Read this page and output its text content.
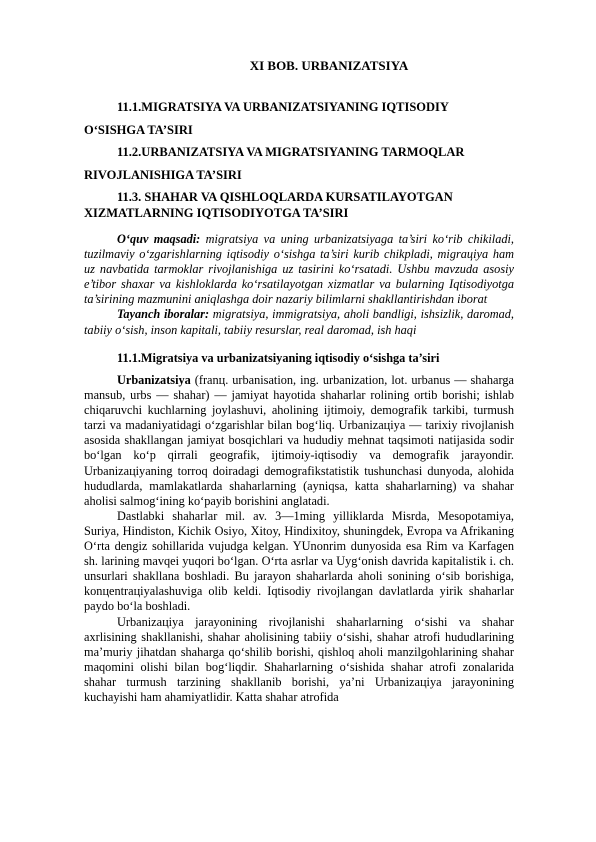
XI BOB. URBANIZATSIYA
11.1.MIGRATSIYA VA URBANIZATSIYANING IQTISODIY
O‘SISHGA TA’SIRI
11.2.URBANIZATSIYA VA MIGRATSIYANING TARMOQLAR
RIVOJLANISHIGA TA’SIRI
11.3. SHAHAR VA QISHLOQLARDA KURSATILAYOTGAN
XIZMATLARNING IQTISODIYOTGA TA’SIRI

O‘quv maqsadi: migratsiya va uning urbanizatsiyaga ta’siri ko‘rib chikiladi, tuzilmaviy o‘zgarishlarning iqtisodiy o‘sishga ta’siri kurib chikpladi, migraцiya ham uz navbatida tarmoklar rivojlanishiga uz tasirini ko‘rsatadi. Ushbu mavzuda asosiy e’tibor shaxar va kishloklarda ko‘rsatilayotgan xizmatlar va bularning Iqtisodiyotga ta’sirining mazmunini aniqlashga doir nazariy bilimlarni shakllantirishdan iborat

Tayanch iboralar: migratsiya, immigratsiya, aholi bandligi, ishsizlik, daromad, tabiiy o‘sish, inson kapitali, tabiiy resurslar, real daromad, ish haqi

11.1.Migratsiya va urbanizatsiyaning iqtisodiy o‘sishga ta’siri

Urbanizatsiya (franц. urbanisation, ing. urbanization, lot. urbanus — shaharga mansub, urbs — shahar) — jamiyat hayotida shaharlar rolining ortib borishi; ishlab chiqaruvchi kuchlarning joylashuvi, aholining ijtimoiy, demografik tarkibi, turmush tarzi va madaniyatidagi o‘zgarishlar bilan bog‘liq. Urbanizaцiya — tarixiy rivojlanish asosida shakllangan jamiyat bosqichlari va hududiy mehnat taqsimoti natijasida sodir bo‘lgan ko‘p qirrali geografik, ijtimoiy-iqtisodiy va demografik jarayondir. Urbanizaцiyaning torroq doiradagi demografikstatistik tushunchasi dunyoda, alohida hududlarda, mamlakatlarda shaharlarning (ayniqsa, katta shaharlarning) va shahar aholisi salmog‘ining ko‘payib borishini anglatadi.

Dastlabki shaharlar mil. av. 3—1ming yilliklarda Misrda, Mesopotamiya, Suriya, Hindiston, Kichik Osiyo, Xitoy, Hindixitoy, shuningdek, Evropa va Afrikaning O‘rta dengiz sohillarida vujudga kelgan. YUnonrim dunyosida esa Rim va Karfagen sh. larining mavqei yuqori bo‘lgan. O‘rta asrlar va Uyg‘onish davrida kapitalistik i. ch. unsurlari shakllana boshladi. Bu jarayon shaharlarda aholi sonining o‘sib borishiga, konцentraцiyalashuviga olib keldi. Iqtisodiy rivojlangan davlatlarda yirik shaharlar paydo bo‘la boshladi.

Urbanizaцiya jarayonining rivojlanishi shaharlarning o‘sishi va shahar axrlisining shakllanishi, shahar aholisining tabiiy o‘sishi, shahar atrofi hududlarining ma’muriy jihatdan shaharga qo‘shilib borishi, qishloq aholi manzilgohlarining shahar maqomini olishi bilan bog‘liqdir. Shaharlarning o‘sishida shahar atrofi zonalarida shahar turmush tarzining shakllanib borishi, ya’ni Urbanizaцiya jarayonining kuchayishi ham ahamiyatlidir. Katta shahar atrofida
